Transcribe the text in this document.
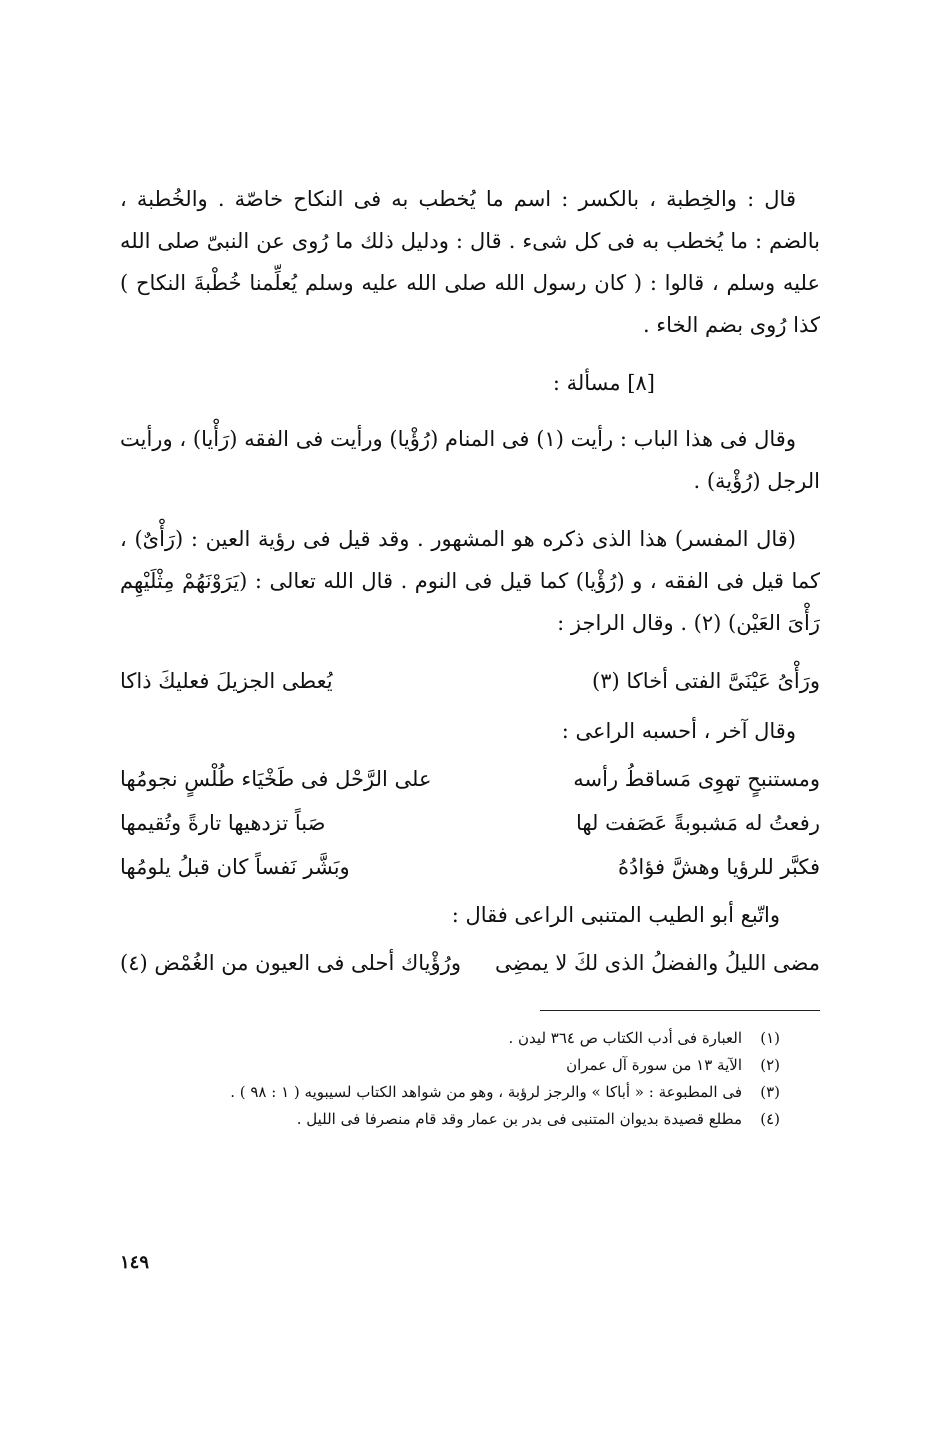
قال : والخِطبة ، بالكسر : اسم ما يُخطب به فى النكاح خاصّة . والخُطبة ، بالضم : ما يُخطب به فى كل شىء . قال : ودليل ذلك ما رُوى عن النبىّ صلى الله عليه وسلم ، قالوا : ( كان رسول الله صلى الله عليه وسلم يُعلِّمنا خُطْبةَ النكاح ) كذا رُوى بضم الخاء .

[٨] مسألة :

وقال فى هذا الباب : رأيت (١) فى المنام (رُؤْيا) ورأيت فى الفقه (رَأْيا) ، ورأيت الرجل (رُؤْية) .

(قال المفسر) هذا الذى ذكره هو المشهور . وقد قيل فى رؤية العين : (رَأْىٌ) ، كما قيل فى الفقه ، و (رُؤْيا) كما قيل فى النوم . قال الله تعالى : (يَرَوْنَهُمْ مِثْلَيْهِم رَأْىَ العَيْن) (٢) . وقال الراجز :

ورَأْىُ عَيْنَىَّ الفتى أخاكا (٣)
يُعطى الجزيلَ فعليكَ ذاكا
وقال آخر ، أحسبه الراعى :
ومستنبحٍ تهوِى مَساقطُ رأسه
على الرَّحْل فى طَخْيَاء طُلْسٍ نجومُها
رفعتُ له مَشبوبةً عَصَفت لها
صَباً تزدهيها تارةً وتُقيمها
فكبَّر للرؤيا وهشَّ فؤادُهُ
وبَشَّر نَفساً كان قبلُ يلومُها
واتّبع أبو الطيب المتنبى الراعى فقال :
مضى الليلُ والفضلُ الذى لكَ لا يمضِى
ورُؤْياك أحلى فى العيون من الغُمْض (٤)
(١)
العبارة فى أدب الكتاب ص ٣٦٤ ليدن .
(٢)
الآية ١٣ من سورة آل عمران
(٣)
فى المطبوعة : « أباكا » والرجز لرؤبة ، وهو من شواهد الكتاب لسيبويه ( ١ : ٩٨ ) .
(٤)
مطلع قصيدة بديوان المتنبى فى بدر بن عمار وقد قام منصرفا فى الليل .
١٤٩
